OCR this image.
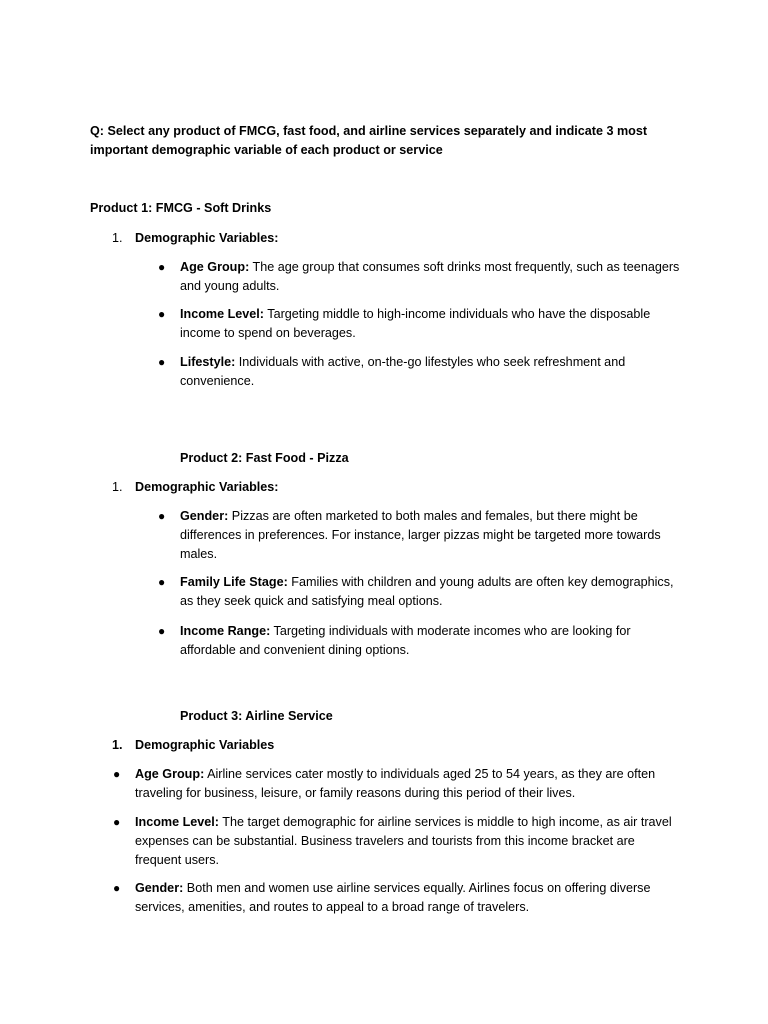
Q: Select any product of FMCG, fast food, and airline services separately and indicate 3 most important demographic variable of each product or service
Product 1: FMCG - Soft Drinks
1. Demographic Variables:
● Age Group: The age group that consumes soft drinks most frequently, such as teenagers and young adults.
● Income Level: Targeting middle to high-income individuals who have the disposable income to spend on beverages.
● Lifestyle: Individuals with active, on-the-go lifestyles who seek refreshment and convenience.
Product 2: Fast Food - Pizza
1. Demographic Variables:
● Gender: Pizzas are often marketed to both males and females, but there might be differences in preferences. For instance, larger pizzas might be targeted more towards males.
● Family Life Stage: Families with children and young adults are often key demographics, as they seek quick and satisfying meal options.
● Income Range: Targeting individuals with moderate incomes who are looking for affordable and convenient dining options.
Product 3: Airline Service
1. Demographic Variables
● Age Group: Airline services cater mostly to individuals aged 25 to 54 years, as they are often traveling for business, leisure, or family reasons during this period of their lives.
● Income Level: The target demographic for airline services is middle to high income, as air travel expenses can be substantial. Business travelers and tourists from this income bracket are frequent users.
● Gender: Both men and women use airline services equally. Airlines focus on offering diverse services, amenities, and routes to appeal to a broad range of travelers.
